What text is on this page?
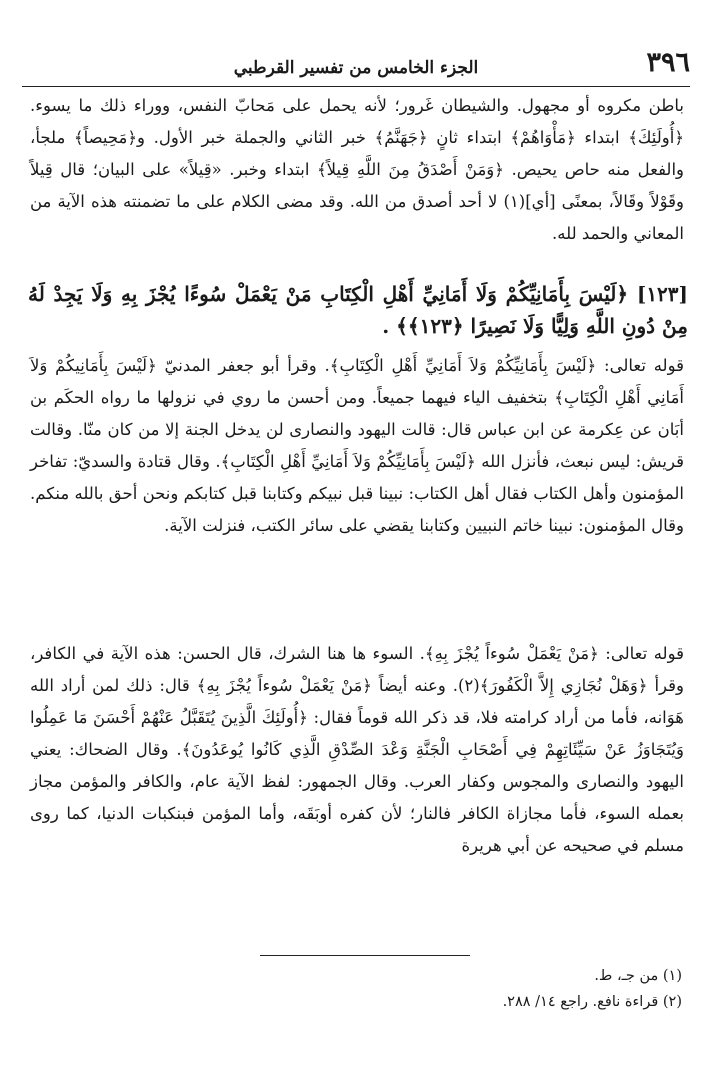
٣٩٦
الجزء الخامس من تفسير القرطبي
باطن مكروه أو مجهول. والشيطان غَرور؛ لأنه يحمل على مَحابّ النفس، ووراء ذلك ما يسوء. ﴿أُولَئِكَ﴾ ابتداء ﴿مَأْوَاهُمْ﴾ ابتداء ثانٍ ﴿جَهَنَّمُ﴾ خبر الثاني والجملة خبر الأول. و﴿مَحِيصاً﴾ ملجأ، والفعل منه حاص يحيص. ﴿وَمَنْ أَصْدَقُ مِنَ اللَّهِ قِيلاً﴾ ابتداء وخبر. «قِيلاً» على البيان؛ قال قِيلاً وقَوْلاً وقَالاً، بمعنًى [أي](١) لا أحد أصدق من الله. وقد مضى الكلام على ما تضمنته هذه الآية من المعاني والحمد لله.
[١٢٣] ﴿لَيْسَ بِأَمَانِيِّكُمْ وَلَا أَمَانِيِّ أَهْلِ الْكِتَابِ مَنْ يَعْمَلْ سُوءًا يُجْزَ بِهِ وَلَا يَجِدْ لَهُ مِنْ دُونِ اللَّهِ وَلِيًّا وَلَا نَصِيرًا ﴿١٢٣﴾﴾ .
قوله تعالى: ﴿لَيْسَ بِأَمَانِيِّكُمْ وَلاَ أَمَانِيِّ أَهْلِ الْكِتَابِ﴾. وقرأ أبو جعفر المدنيّ ﴿لَيْسَ بِأَمَانِيكُمْ وَلاَ أَمَانِي أَهْلِ الْكِتَابِ﴾ بتخفيف الياء فيهما جميعاً. ومن أحسن ما روي في نزولها ما رواه الحكَم بن أبَان عن عِكرمة عن ابن عباس قال: قالت اليهود والنصارى لن يدخل الجنة إلا من كان منّا. وقالت قريش: ليس نبعث، فأنزل الله ﴿لَيْسَ بِأَمَانِيِّكُمْ وَلاَ أَمَانِيِّ أَهْلِ الْكِتَابِ﴾. وقال قتادة والسديّ: تفاخر المؤمنون وأهل الكتاب فقال أهل الكتاب: نبينا قبل نبيكم وكتابنا قبل كتابكم ونحن أحق بالله منكم. وقال المؤمنون: نبينا خاتم النبيين وكتابنا يقضي على سائر الكتب، فنزلت الآية.
قوله تعالى: ﴿مَنْ يَعْمَلْ سُوءاً يُجْزَ بِهِ﴾. السوء ها هنا الشرك، قال الحسن: هذه الآية في الكافر، وقرأ ﴿وَهَلْ نُجَازِي إِلاَّ الْكَفُورَ﴾(٢). وعنه أيضاً ﴿مَنْ يَعْمَلْ سُوءاً يُجْزَ بِهِ﴾ قال: ذلك لمن أراد الله هَوَانه، فأما من أراد كرامته فلا، قد ذكر الله قوماً فقال: ﴿أُولَئِكَ الَّذِينَ يُتَقَبَّلُ عَنْهُمْ أَحْسَنَ مَا عَمِلُوا وَيُتَجَاوَزُ عَنْ سَيِّئَاتِهِمْ فِي أَصْحَابِ الْجَنَّةِ وَعْدَ الصِّدْقِ الَّذِي كَانُوا يُوعَدُونَ﴾. وقال الضحاك: يعني اليهود والنصارى والمجوس وكفار العرب. وقال الجمهور: لفظ الآية عام، والكافر والمؤمن مجاز بعمله السوء، فأما مجازاة الكافر فالنار؛ لأن كفره أوبَقَه، وأما المؤمن فبنكبات الدنيا، كما روى مسلم في صحيحه عن أبي هريرة
(١) من جـ، ط.
(٢) قراءة نافع. راجع ١٤/ ٢٨٨.
